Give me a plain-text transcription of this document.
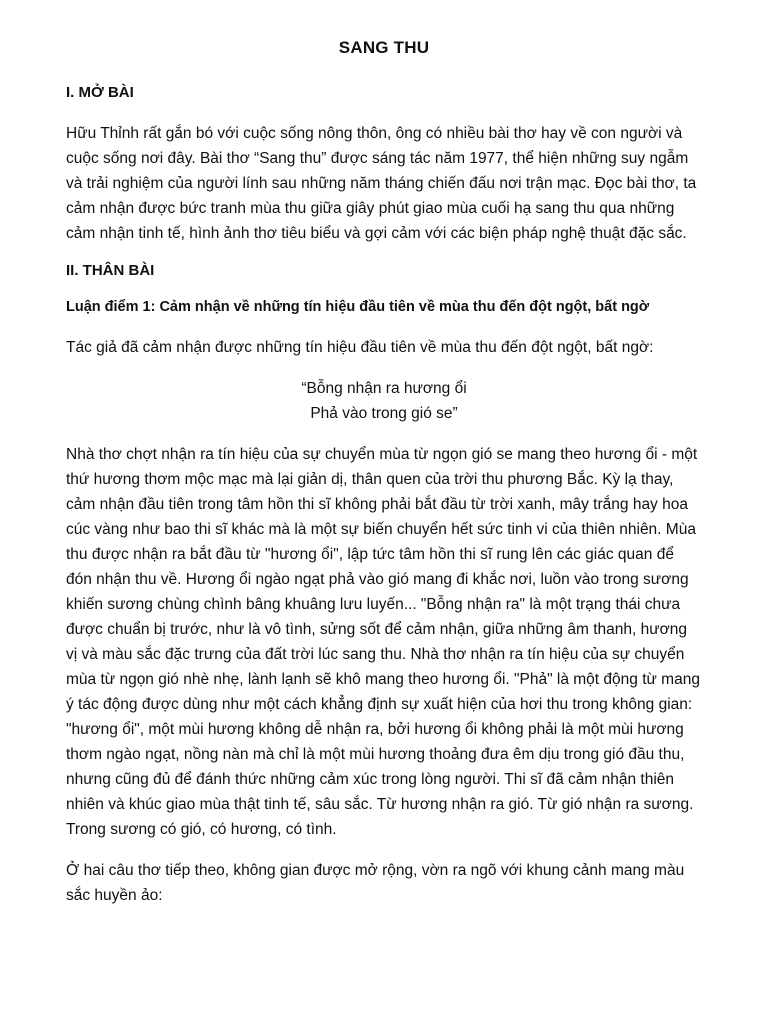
SANG THU
I. MỞ BÀI

Hữu Thỉnh rất gắn bó với cuộc sống nông thôn, ông có nhiều bài thơ hay về con người và cuộc sống nơi đây. Bài thơ “Sang thu” được sáng tác năm 1977, thể hiện những suy ngẫm và trải nghiệm của người lính sau những năm tháng chiến đấu nơi trận mạc. Đọc bài thơ, ta cảm nhận được bức tranh mùa thu giữa giây phút giao mùa cuối hạ sang thu qua những cảm nhận tinh tế, hình ảnh thơ tiêu biểu và gợi cảm với các biện pháp nghệ thuật đặc sắc.

II. THÂN BÀI
Luận điểm 1: Cảm nhận về những tín hiệu đầu tiên về mùa thu đến đột ngột, bất ngờ

Tác giả đã cảm nhận được những tín hiệu đầu tiên về mùa thu đến đột ngột, bất ngờ:

“Bỗng nhận ra hương ổi
Phả vào trong gió se”

Nhà thơ chợt nhận ra tín hiệu của sự chuyển mùa từ ngọn gió se mang theo hương ổi - một thứ hương thơm mộc mạc mà lại giản dị, thân quen của trời thu phương Bắc. Kỳ lạ thay, cảm nhận đầu tiên trong tâm hồn thi sĩ không phải bắt đầu từ trời xanh, mây trắng hay hoa cúc vàng như bao thi sĩ khác mà là một sự biến chuyển hết sức tinh vi của thiên nhiên. Mùa thu được nhận ra bắt đầu từ "hương ổi", lập tức tâm hồn thi sĩ rung lên các giác quan để đón nhận thu về. Hương ổi ngào ngạt phả vào gió mang đi khắc nơi, luồn vào trong sương khiến sương chùng chình bâng khuâng lưu luyến... "Bỗng nhận ra" là một trạng thái chưa được chuẩn bị trước, như là vô tình, sửng sốt để cảm nhận, giữa những âm thanh, hương vị và màu sắc đặc trưng của đất trời lúc sang thu. Nhà thơ nhận ra tín hiệu của sự chuyển mùa từ ngọn gió nhè nhẹ, lành lạnh sẽ khô mang theo hương ổi. "Phả" là một động từ mang ý tác động được dùng như một cách khẳng định sự xuất hiện của hơi thu trong không gian: "hương ổi", một mùi hương không dễ nhận ra, bởi hương ổi không phải là một mùi hương thơm ngào ngạt, nồng nàn mà chỉ là một mùi hương thoảng đưa êm dịu trong gió đầu thu, nhưng cũng đủ để đánh thức những cảm xúc trong lòng người. Thi sĩ đã cảm nhận thiên nhiên và khúc giao mùa thật tinh tế, sâu sắc. Từ hương nhận ra gió. Từ gió nhận ra sương. Trong sương có gió, có hương, có tình.

Ở hai câu thơ tiếp theo, không gian được mở rộng, vờn ra ngõ với khung cảnh mang màu sắc huyền ảo:
